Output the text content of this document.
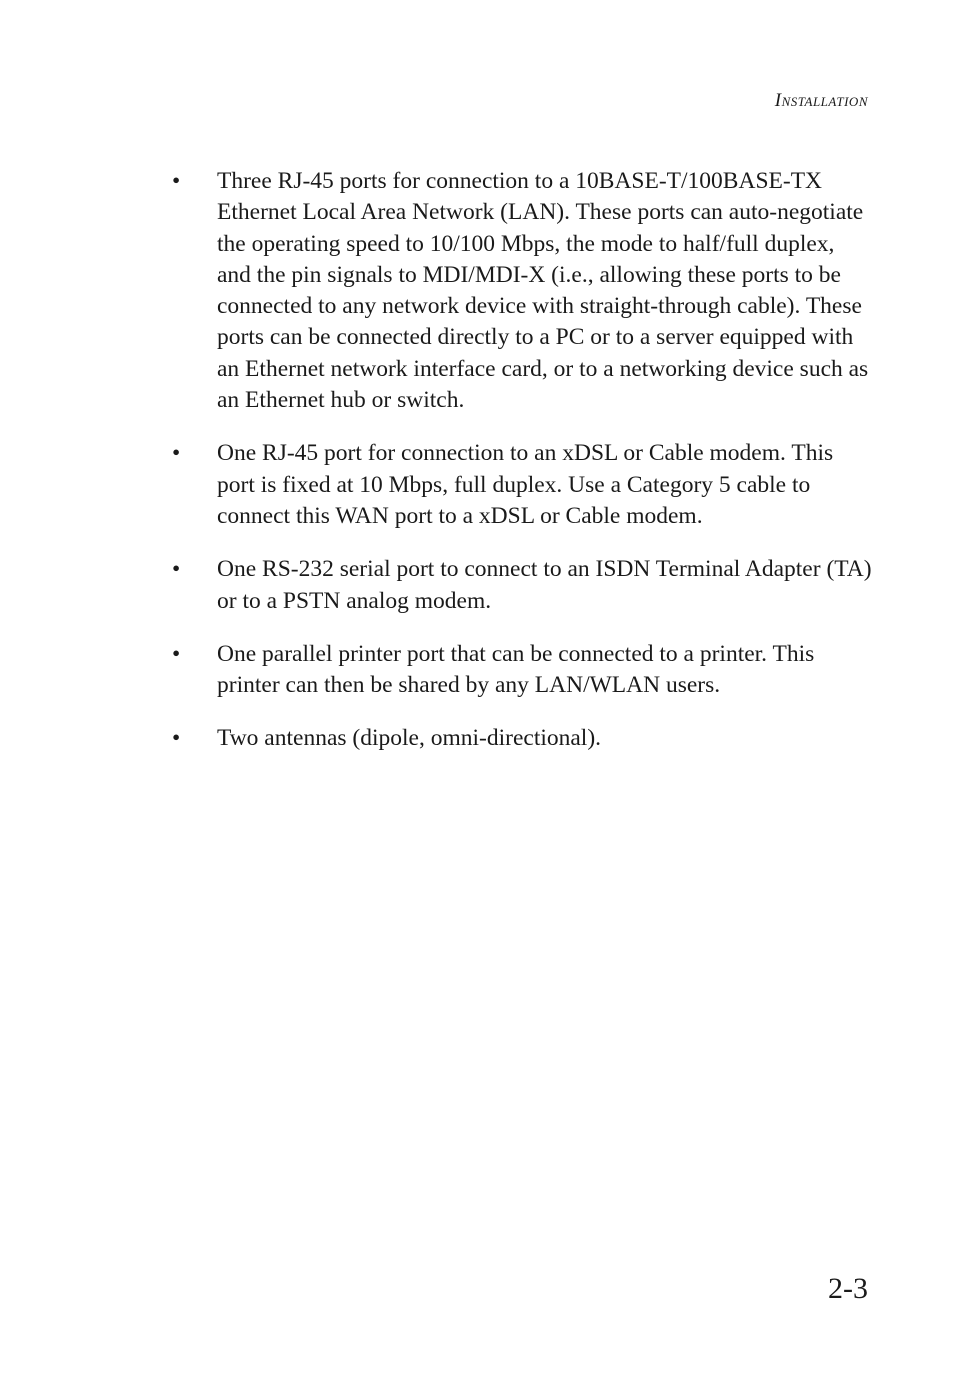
Installation
•	Three RJ-45 ports for connection to a 10BASE-T/100BASE-TX Ethernet Local Area Network (LAN). These ports can auto-negotiate the operating speed to 10/100 Mbps, the mode to half/full duplex, and the pin signals to MDI/MDI-X (i.e., allowing these ports to be connected to any network device with straight-through cable). These ports can be connected directly to a PC or to a server equipped with an Ethernet network interface card, or to a networking device such as an Ethernet hub or switch.
•	One RJ-45 port for connection to an xDSL or Cable modem. This port is fixed at 10 Mbps, full duplex. Use a Category 5 cable to connect this WAN port to a xDSL or Cable modem.
•	One RS-232 serial port to connect to an ISDN Terminal Adapter (TA) or to a PSTN analog modem.
•	One parallel printer port that can be connected to a printer. This printer can then be shared by any LAN/WLAN users.
•	Two antennas (dipole, omni-directional).
2-3
